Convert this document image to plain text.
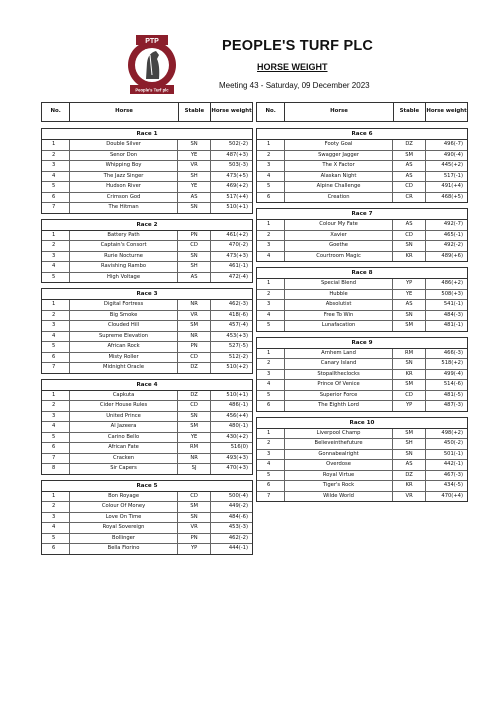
PTP
EST. 2016
People's Turf plc
PEOPLE'S TURF PLC
HORSE WEIGHT
Meeting 43 - Saturday, 09 December 2023
No.	Horse	Stable	Horse weight
Race 1
1	Double Silver	SN	502(-2)
2	Senor Don	YE	487(+3)
3	Whipping Boy	VR	503(-3)
4	The Jazz Singer	SH	473(+5)
5	Hudson River	YE	469(+2)
6	Crimson God	AS	517(+4)
7	The Hitman	SN	510(+1)
Race 2
1	Battery Path	PN	461(+2)
2	Captain's Consort	CD	470(-2)
3	Rurie Nocturne	SN	473(+3)
4	Ravishing Rambo	SH	461(-1)
5	High Voltage	AS	472(-4)
Race 3
1	Digital Fortress	NR	462(-3)
2	Big Smoke	VR	418(-6)
3	Clouded Hill	SM	457(-4)
4	Supreme Elevation	NR	453(+3)
5	African Rock	PN	527(-5)
6	Misty Roller	CD	512(-2)
7	Midnight Oracle	DZ	510(+2)
Race 4
1	Capkuta	DZ	510(+1)
2	Cider House Rules	CD	486(-1)
3	United Prince	SN	456(+4)
4	Al Jazeera	SM	480(-1)
5	Carino Bello	YE	430(+2)
6	African Fate	RM	516(0)
7	Cracken	NR	493(+3)
8	Sir Capers	SJ	470(+3)
Race 5
1	Bon Royage	CD	500(-4)
2	Colour Of Money	SM	449(-2)
3	Love On Time	SN	484(-6)
4	Royal Sovereign	VR	453(-3)
5	Bollinger	PN	462(-2)
6	Bella Fiorino	YP	444(-1)
No.	Horse	Stable	Horse weight
Race 6
1	Footy Goal	DZ	496(-7)
2	Swagger Jagger	SM	490(-4)
3	The X Factor	AS	445(+2)
4	Alaskan Night	AS	517(-1)
5	Alpine Challenge	CD	491(+4)
6	Creation	CR	468(+5)
Race 7
1	Colour My Fate	AS	492(-7)
2	Xavier	CD	465(-1)
3	Goethe	SN	492(-2)
4	Courtroom Magic	KR	489(+6)
Race 8
1	Special Blend	YP	486(+2)
2	Hubble	YE	508(+3)
3	Absolutist	AS	541(-1)
4	Free To Win	SN	484(-3)
5	Lunafacation	SM	481(-1)
Race 9
1	Arnhem Land	RM	466(-3)
2	Canary Island	SN	518(+2)
3	Stopalltheclocks	KR	499(-4)
4	Prince Of Venice	SM	514(-6)
5	Superior Force	CD	481(-5)
6	The Eighth Lord	YP	487(-3)
Race 10
1	Liverpool Champ	SM	498(+2)
2	Believeinthefuture	SH	450(-2)
3	Gonnabealright	SN	501(-1)
4	Overdose	AS	442(-1)
5	Royal Virtue	DZ	467(-3)
6	Tiger's Rock	KR	434(-5)
7	Wilde World	VR	470(+4)
